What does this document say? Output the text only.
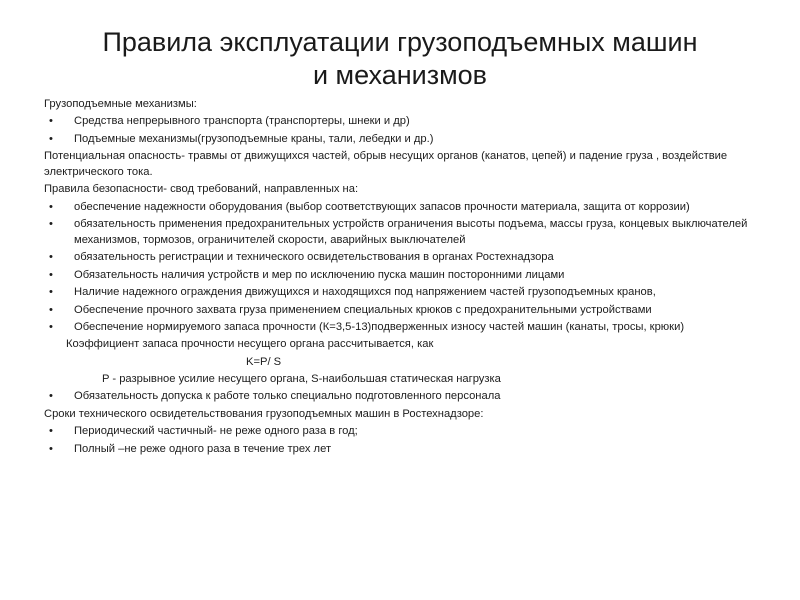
Правила эксплуатации грузоподъемных машин
и механизмов

Грузоподъемные механизмы:

•
Средства непрерывного транспорта (транспортеры, шнеки и др)
•
Подъемные механизмы(грузоподъемные краны, тали, лебедки и др.)

Потенциальная опасность- травмы от движущихся частей, обрыв несущих органов (канатов, цепей) и падение груза , воздействие электрического тока.

Правила безопасности- свод требований, направленных на:

•
обеспечение надежности оборудования (выбор соответствующих запасов прочности материала, защита от коррозии)
•
обязательность применения предохранительных устройств ограничения высоты подъема, массы груза, концевых выключателей механизмов, тормозов, ограничителей скорости, аварийных выключателей
•
обязательность регистрации и технического освидетельствования в органах Ростехнадзора
•
Обязательность наличия устройств и мер по исключению пуска машин посторонними лицами
•
Наличие надежного ограждения движущихся и находящихся под напряжением частей грузоподъемных кранов,
•
Обеспечение прочного захвата груза применением специальных крюков с предохранительными устройствами
•
Обеспечение нормируемого запаса прочности (К=3,5-13)подверженных износу частей машин (канаты, тросы, крюки)

Коэффициент запаса прочности несущего органа рассчитывается, как

K=P/ S

P - разрывное усилие несущего органа, S-наибольшая статическая нагрузка

•
Обязательность допуска к работе только специально подготовленного персонала

Сроки технического освидетельствования грузоподъемных машин в Ростехнадзоре:

•
Периодический частичный- не реже одного раза в год;
•
Полный –не реже одного раза в течение трех лет
